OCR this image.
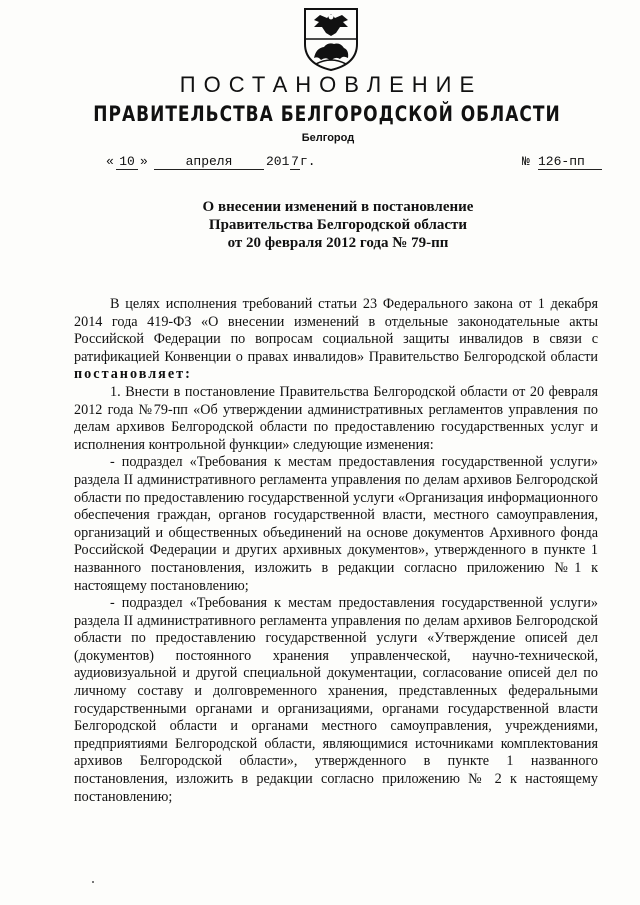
ПОСТАНОВЛЕНИЕ
ПРАВИТЕЛЬСТВА БЕЛГОРОДСКОЙ ОБЛАСТИ
Белгород
« 10 »	апреля	201 7 г.	№ 126-пп
О внесении изменений в постановление
Правительства Белгородской области
от 20 февраля 2012 года № 79-пп

В целях исполнения требований статьи 23 Федерального закона от 1 декабря 2014 года 419-ФЗ «О внесении изменений в отдельные законодательные акты Российской Федерации по вопросам социальной защиты инвалидов в связи с ратификацией Конвенции о правах инвалидов» Правительство Белгородской области постановляет:

1. Внести в постановление Правительства Белгородской области от 20 февраля 2012 года №79-пп «Об утверждении административных регламентов управления по делам архивов Белгородской области по предоставлению государственных услуг и исполнения контрольной функции» следующие изменения:

- подраздел «Требования к местам предоставления государственной услуги» раздела II административного регламента управления по делам архивов Белгородской области по предоставлению государственной услуги «Организация информационного обеспечения граждан, органов государственной власти, местного самоуправления, организаций и общественных объединений на основе документов Архивного фонда Российской Федерации и других архивных документов», утвержденного в пункте 1 названного постановления, изложить в редакции согласно приложению №1 к настоящему постановлению;

- подраздел «Требования к местам предоставления государственной услуги» раздела II административного регламента управления по делам архивов Белгородской области по предоставлению государственной услуги «Утверждение описей дел (документов) постоянного хранения управленческой, научно-технической, аудиовизуальной и другой специальной документации, согласование описей дел по личному составу и долговременного хранения, представленных федеральными государственными органами и организациями, органами государственной власти Белгородской области и органами местного самоуправления, учреждениями, предприятиями Белгородской области, являющимися источниками комплектования архивов Белгородской области», утвержденного в пункте 1 названного постановления, изложить в редакции согласно приложению № 2 к настоящему постановлению;
